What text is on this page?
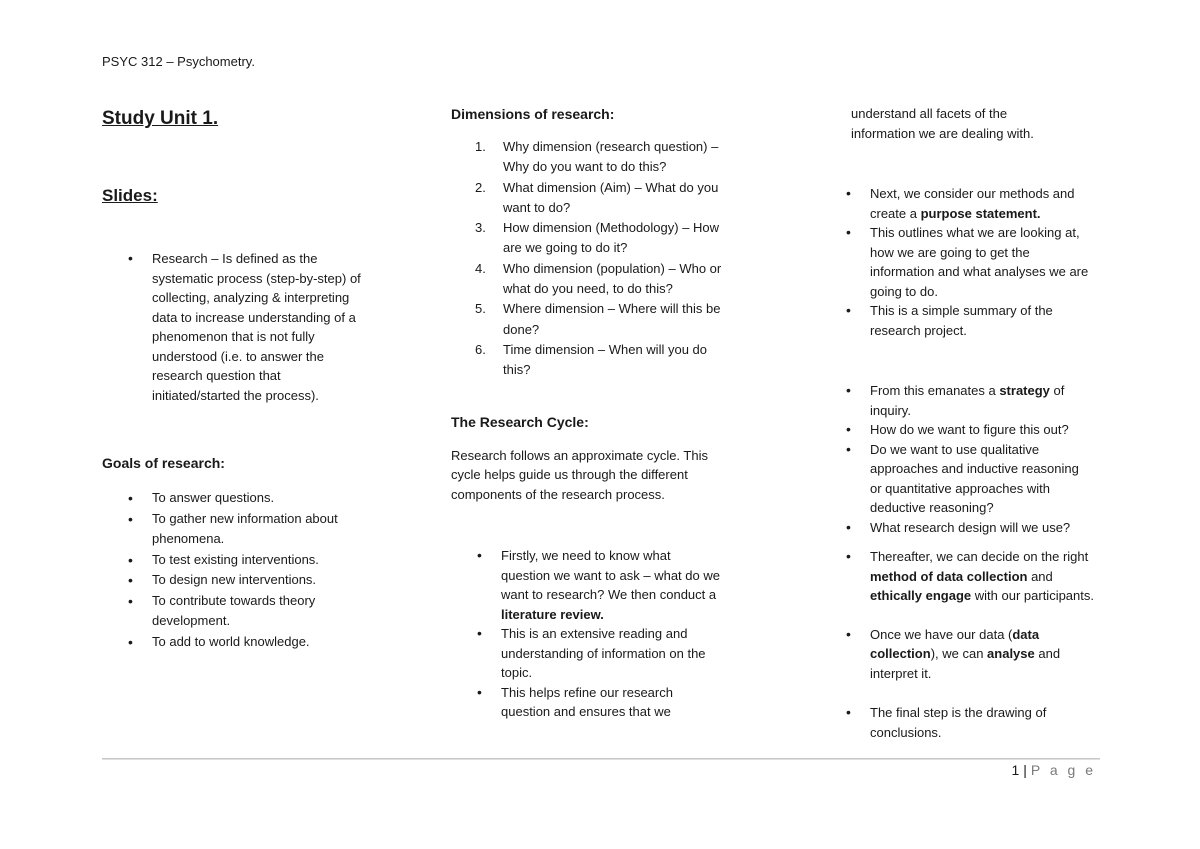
PSYC 312 – Psychometry.
Study Unit 1.
Slides:
• Research – Is defined as the
systematic process (step-by-step) of
collecting, analyzing & interpreting
data to increase understanding of a
phenomenon that is not fully
understood (i.e. to answer the
research question that
initiated/started the process).
Goals of research:
• To answer questions.
• To gather new information about
phenomena.
• To test existing interventions.
• To design new interventions.
• To contribute towards theory
development.
• To add to world knowledge.
Dimensions of research:
1. Why dimension (research question) –
Why do you want to do this?
2. What dimension (Aim) – What do you
want to do?
3. How dimension (Methodology) – How
are we going to do it?
4. Who dimension (population) – Who or
what do you need, to do this?
5. Where dimension – Where will this be
done?
6. Time dimension – When will you do
this?
The Research Cycle:

Research follows an approximate cycle. This
cycle helps guide us through the different
components of the research process.

• Firstly, we need to know what
question we want to ask – what do we
want to research? We then conduct a
literature review.
• This is an extensive reading and
understanding of information on the
topic.
• This helps refine our research
question and ensures that we

understand all facets of the
information we are dealing with.

• Next, we consider our methods and
create a purpose statement.
• This outlines what we are looking at,
how we are going to get the
information and what analyses we are
going to do.
• This is a simple summary of the
research project.
• From this emanates a strategy of
inquiry.
• How do we want to figure this out?
• Do we want to use qualitative
approaches and inductive reasoning
or quantitative approaches with
deductive reasoning?
• What research design will we use?
• Thereafter, we can decide on the right
method of data collection and
ethically engage with our participants.
• Once we have our data (data
collection), we can analyse and
interpret it.
• The final step is the drawing of
conclusions.
1 | P a g e
